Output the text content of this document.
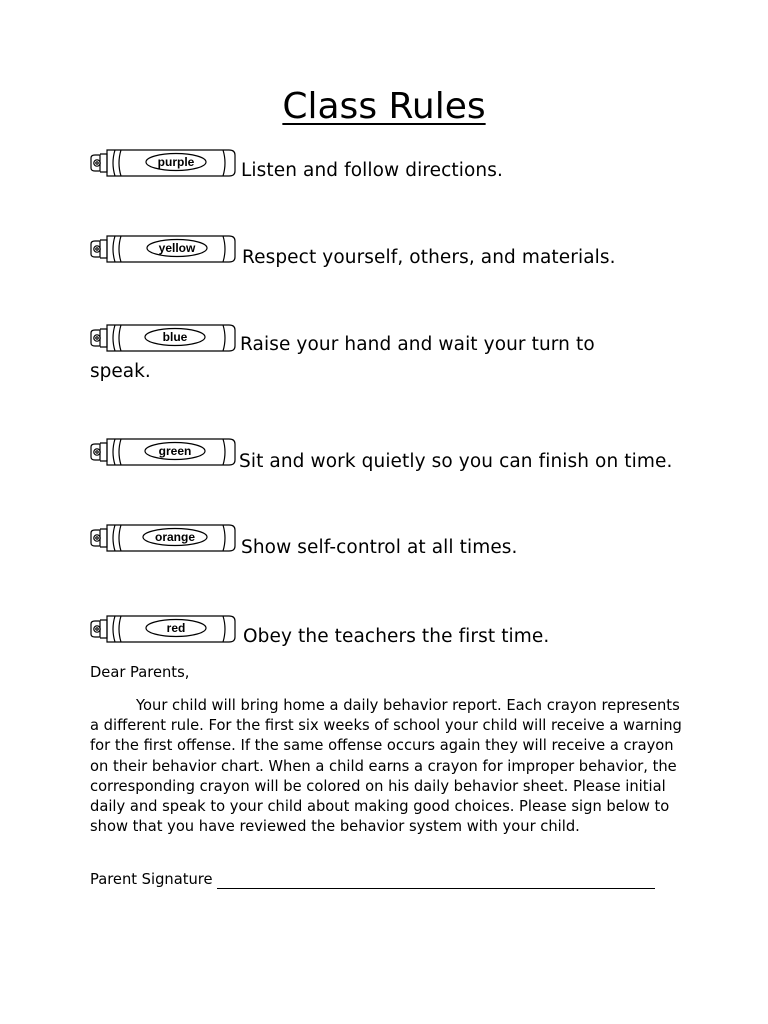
Class Rules
purple	Listen and follow directions.
yellow	Respect yourself, others, and materials.
blue	Raise your hand and wait your turn to
speak.
green	Sit and work quietly so you can finish on time.
orange Show self-control at all times.
red	Obey the teachers the first time.
Dear Parents,
Your child will bring home a daily behavior report. Each crayon represents a different rule. For the first six weeks of school your child will receive a warning for the first offense. If the same offense occurs again they will receive a crayon on their behavior chart. When a child earns a crayon for improper behavior, the corresponding crayon will be colored on his daily behavior sheet. Please initial daily and speak to your child about making good choices. Please sign below to show that you have reviewed the behavior system with your child.
Parent Signature
